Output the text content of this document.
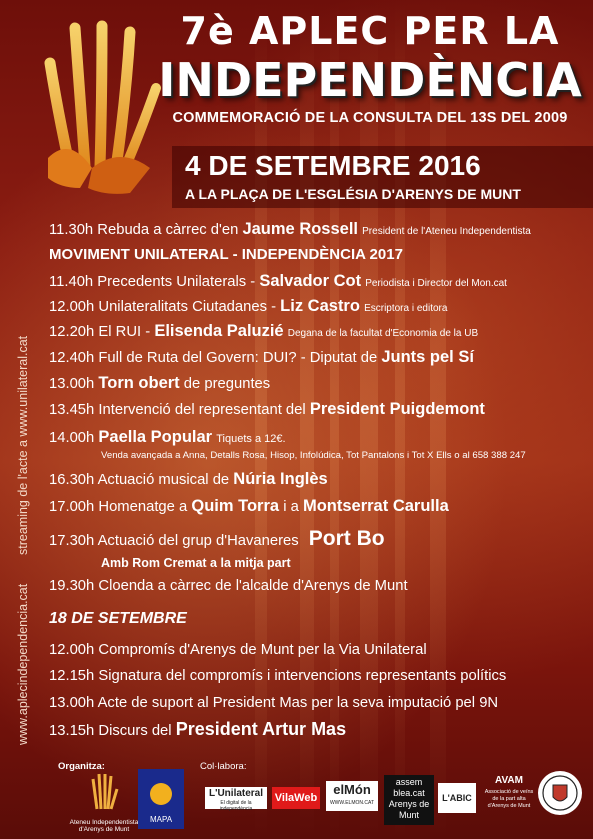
7è APLEC PER LA
INDEPENDÈNCIA
COMMEMORACIÓ DE LA CONSULTA DEL 13S DEL 2009
4 DE SETEMBRE 2016
A LA PLAÇA DE L'ESGLÉSIA D'ARENYS DE MUNT
streaming de l'acte a www.unilateral.cat
www.aplecindependencia.cat
11.30h Rebuda a càrrec d'en Jaume Rossell President de l'Ateneu Independentista
MOVIMENT UNILATERAL - INDEPENDÈNCIA 2017
11.40h Precedents Unilaterals - Salvador Cot Periodista i Director del Mon.cat
12.00h Unilateralitats Ciutadanes - Liz Castro Escriptora i editora
12.20h El RUI - Elisenda Paluzié Degana de la facultat d'Economia de la UB
12.40h Full de Ruta del Govern: DUI? - Diputat de Junts pel Sí
13.00h Torn obert de preguntes
13.45h Intervenció del representant del President Puigdemont
14.00h Paella Popular Tiquets a 12€.
Venda avançada a Anna, Detalls Rosa, Hisop, Infolúdica, Tot Pantalons i Tot X Ells o al 658 388 247
16.30h Actuació musical de Núria Inglès
17.00h Homenatge a Quim Torra i a Montserrat Carulla
17.30h Actuació del grup d'Havaneres Port Bo
Amb Rom Cremat a la mitja part
19.30h Cloenda a càrrec de l'alcalde d'Arenys de Munt
18 DE SETEMBRE
12.00h Compromís d'Arenys de Munt per la Via Unilateral
12.15h Signatura del compromís i intervencions representants polítics
13.00h Acte de suport al President Mas per la seva imputació pel 9N
13.15h Discurs del President Artur Mas
Organitza:
Ateneu Independentista d'Arenys de Munt
MAPA
Col·labora:
L'Unilateral
El digital de la independència
VilaWeb
elMón
WWW.ELMON.CAT
assem blea.cat Arenys de Munt
L'ABIC
AVAM
Associació de veïns de la part alta d'Arenys de Munt
